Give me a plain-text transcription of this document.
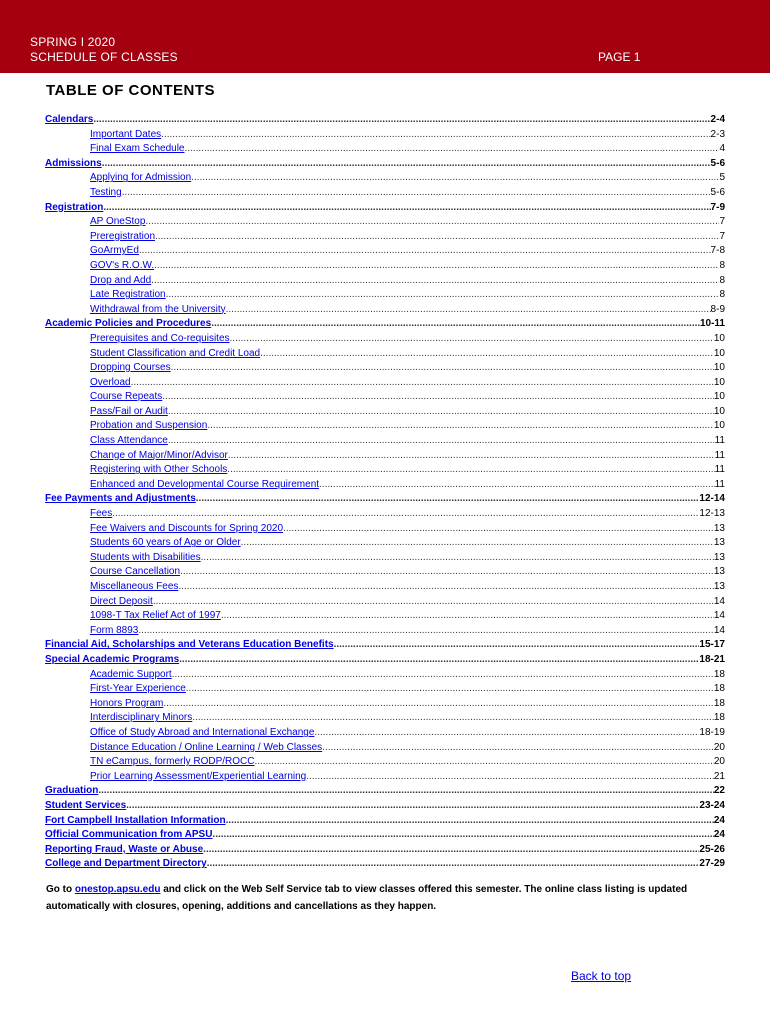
SPRING I 2020
SCHEDULE OF CLASSES	PAGE 1
TABLE OF CONTENTS
Calendars .....	2-4
Important Dates .....	2-3
Final Exam Schedule .....	4
Admissions .....	5-6
Applying for Admission .....	5
Testing .....	5-6
Registration .....	7-9
AP OneStop .....	7
Preregistration .....	7
GoArmyEd .....	7-8
GOV's R.O.W. .....	8
Drop and Add .....	8
Late Registration .....	8
Withdrawal from the University .....	8-9
Academic Policies and Procedures .....	10-11
Prerequisites and Co-requisites .....	10
Student Classification and Credit Load .....	10
Dropping Courses .....	10
Overload .....	10
Course Repeats .....	10
Pass/Fail or Audit .....	10
Probation and Suspension .....	10
Class Attendance .....	11
Change of Major/Minor/Advisor .....	11
Registering with Other Schools .....	11
Enhanced and Developmental Course Requirement .....	11
Fee Payments and Adjustments .....	12-14
Fees .....	12-13
Fee Waivers and Discounts for Spring 2020 .....	13
Students 60 years of Age or Older .....	13
Students with Disabilities .....	13
Course Cancellation .....	13
Miscellaneous Fees .....	13
Direct Deposit .....	14
1098-T Tax Relief Act of 1997 .....	14
Form 8893 .....	14
Financial Aid, Scholarships and Veterans Education Benefits .....	15-17
Special Academic Programs .....	18-21
Academic Support .....	18
First-Year Experience .....	18
Honors Program .....	18
Interdisciplinary Minors .....	18
Office of Study Abroad and International Exchange .....	18-19
Distance Education / Online Learning / Web Classes .....	20
TN eCampus, formerly RODP/ROCC .....	20
Prior Learning Assessment/Experiential Learning .....	21
Graduation .....	22
Student Services .....	23-24
Fort Campbell Installation Information .....	24
Official Communication from APSU .....	24
Reporting Fraud, Waste or Abuse .....	25-26
College and Department Directory .....	27-29
Go to onestop.apsu.edu and click on the Web Self Service tab to view classes offered this semester. The online class listing is updated automatically with closures, opening, additions and cancellations as they happen.
Back to top
